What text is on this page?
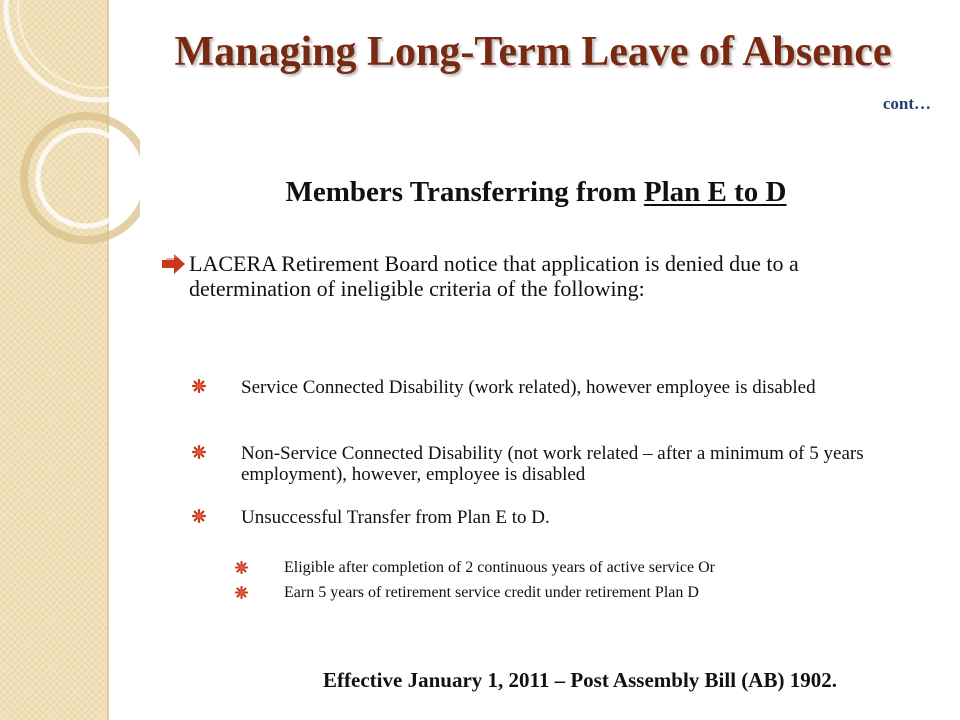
Managing Long-Term Leave of Absence
cont…
Members Transferring from Plan E to D
LACERA Retirement Board notice that application is denied due to a determination of ineligible criteria of the following:
Service Connected Disability (work related), however employee is disabled
Non-Service Connected Disability (not work related – after a minimum of 5 years employment), however, employee is disabled
Unsuccessful Transfer from Plan E to D.
Eligible after completion of 2 continuous years of active service Or
Earn 5 years of retirement service credit under retirement Plan D
Effective January 1, 2011 – Post Assembly Bill (AB) 1902.
